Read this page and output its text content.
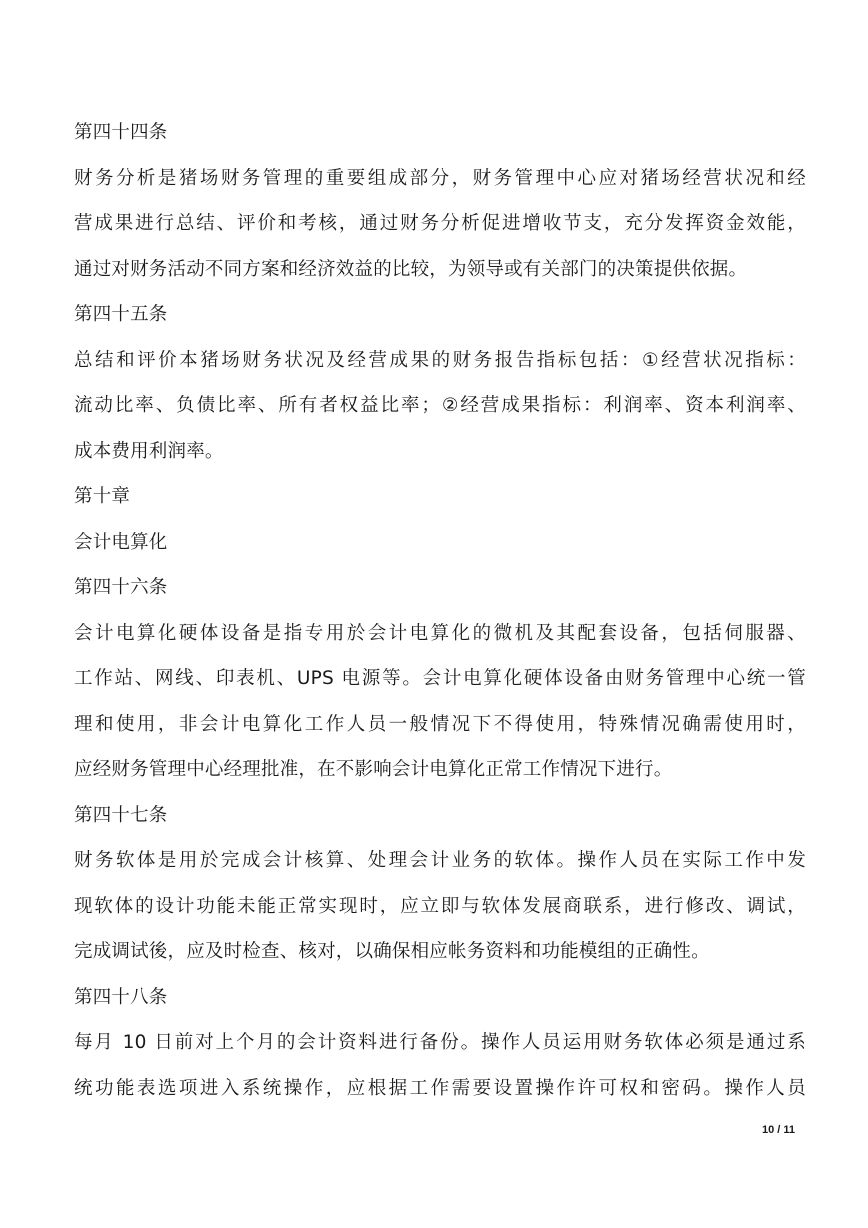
第四十四条
财务分析是猪场财务管理的重要组成部分，财务管理中心应对猪场经营状况和经
营成果进行总结、评价和考核，通过财务分析促进增收节支，充分发挥资金效能，
通过对财务活动不同方案和经济效益的比较，为领导或有关部门的决策提供依据。
第四十五条
总结和评价本猪场财务状况及经营成果的财务报告指标包括：①经营状况指标：
流动比率、负债比率、所有者权益比率；②经营成果指标：利润率、资本利润率、
成本费用利润率。
第十章
会计电算化
第四十六条
会计电算化硬体设备是指专用於会计电算化的微机及其配套设备，包括伺服器、
工作站、网线、印表机、UPS 电源等。会计电算化硬体设备由财务管理中心统一管
理和使用，非会计电算化工作人员一般情况下不得使用，特殊情况确需使用时，
应经财务管理中心经理批准，在不影响会计电算化正常工作情况下进行。
第四十七条
财务软体是用於完成会计核算、处理会计业务的软体。操作人员在实际工作中发
现软体的设计功能未能正常实现时，应立即与软体发展商联系，进行修改、调试，
完成调试後，应及时检查、核对，以确保相应帐务资料和功能模组的正确性。
第四十八条
每月 10 日前对上个月的会计资料进行备份。操作人员运用财务软体必须是通过系
统功能表选项进入系统操作，应根据工作需要设置操作许可权和密码。操作人员
10 / 11
